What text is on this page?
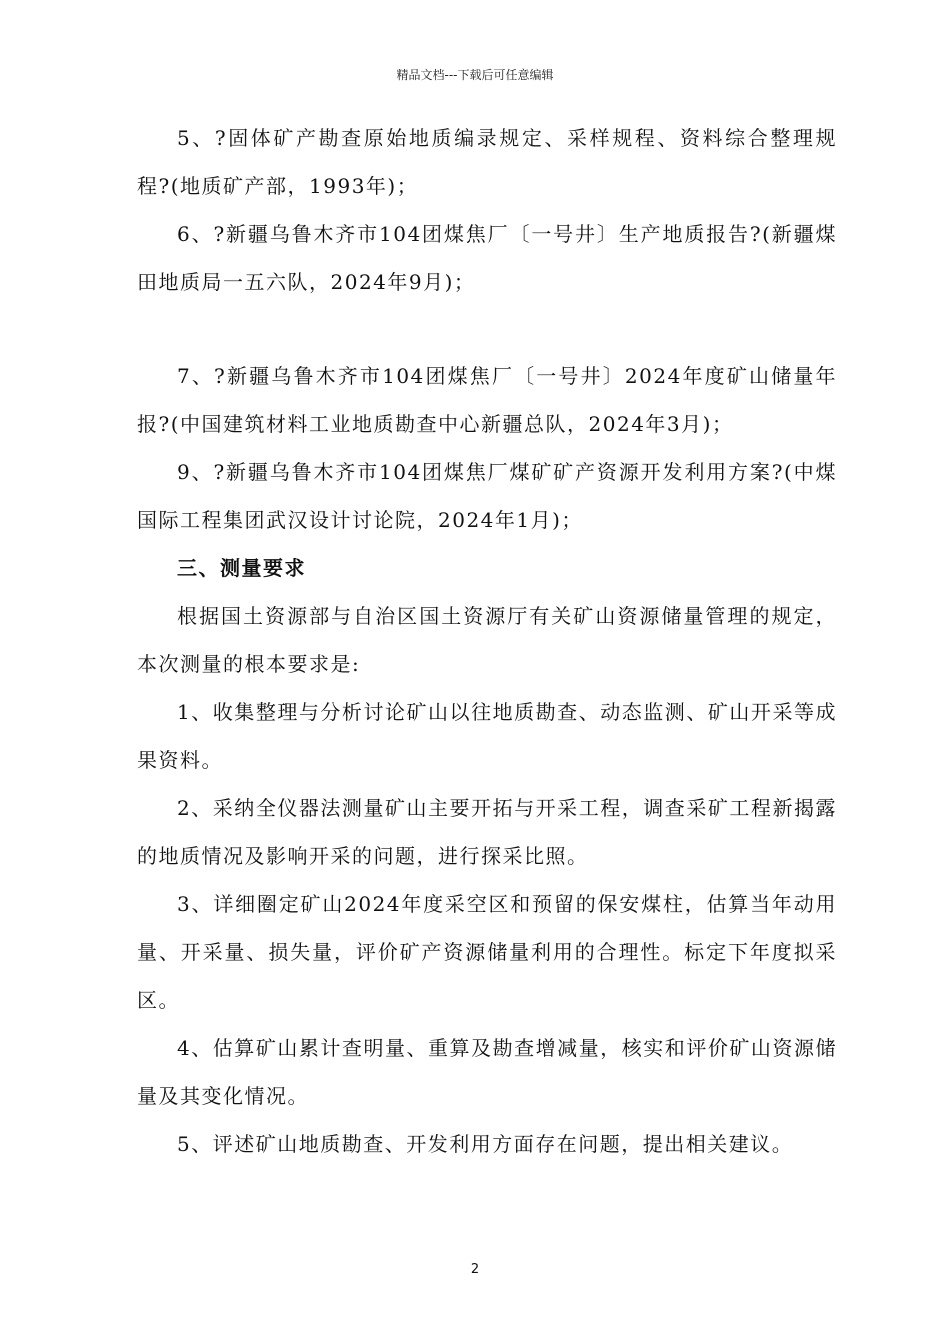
精品文档---下载后可任意编辑

5、?固体矿产勘查原始地质编录规定、采样规程、资料综合整理规程?(地质矿产部，1993年)；

6、?新疆乌鲁木齐市104团煤焦厂〔一号井〕生产地质报告?(新疆煤田地质局一五六队，2024年9月)；

7、?新疆乌鲁木齐市104团煤焦厂〔一号井〕2024年度矿山储量年报?(中国建筑材料工业地质勘查中心新疆总队，2024年3月)；

9、?新疆乌鲁木齐市104团煤焦厂煤矿矿产资源开发利用方案?(中煤国际工程集团武汉设计讨论院，2024年1月)；

三、测量要求

根据国土资源部与自治区国土资源厅有关矿山资源储量管理的规定，本次测量的根本要求是:

1、收集整理与分析讨论矿山以往地质勘查、动态监测、矿山开采等成果资料。

2、采纳全仪器法测量矿山主要开拓与开采工程，调查采矿工程新揭露的地质情况及影响开采的问题，进行探采比照。

3、详细圈定矿山2024年度采空区和预留的保安煤柱，估算当年动用量、开采量、损失量，评价矿产资源储量利用的合理性。标定下年度拟采区。

4、估算矿山累计查明量、重算及勘查增减量，核实和评价矿山资源储量及其变化情况。

5、评述矿山地质勘查、开发利用方面存在问题，提出相关建议。

2
